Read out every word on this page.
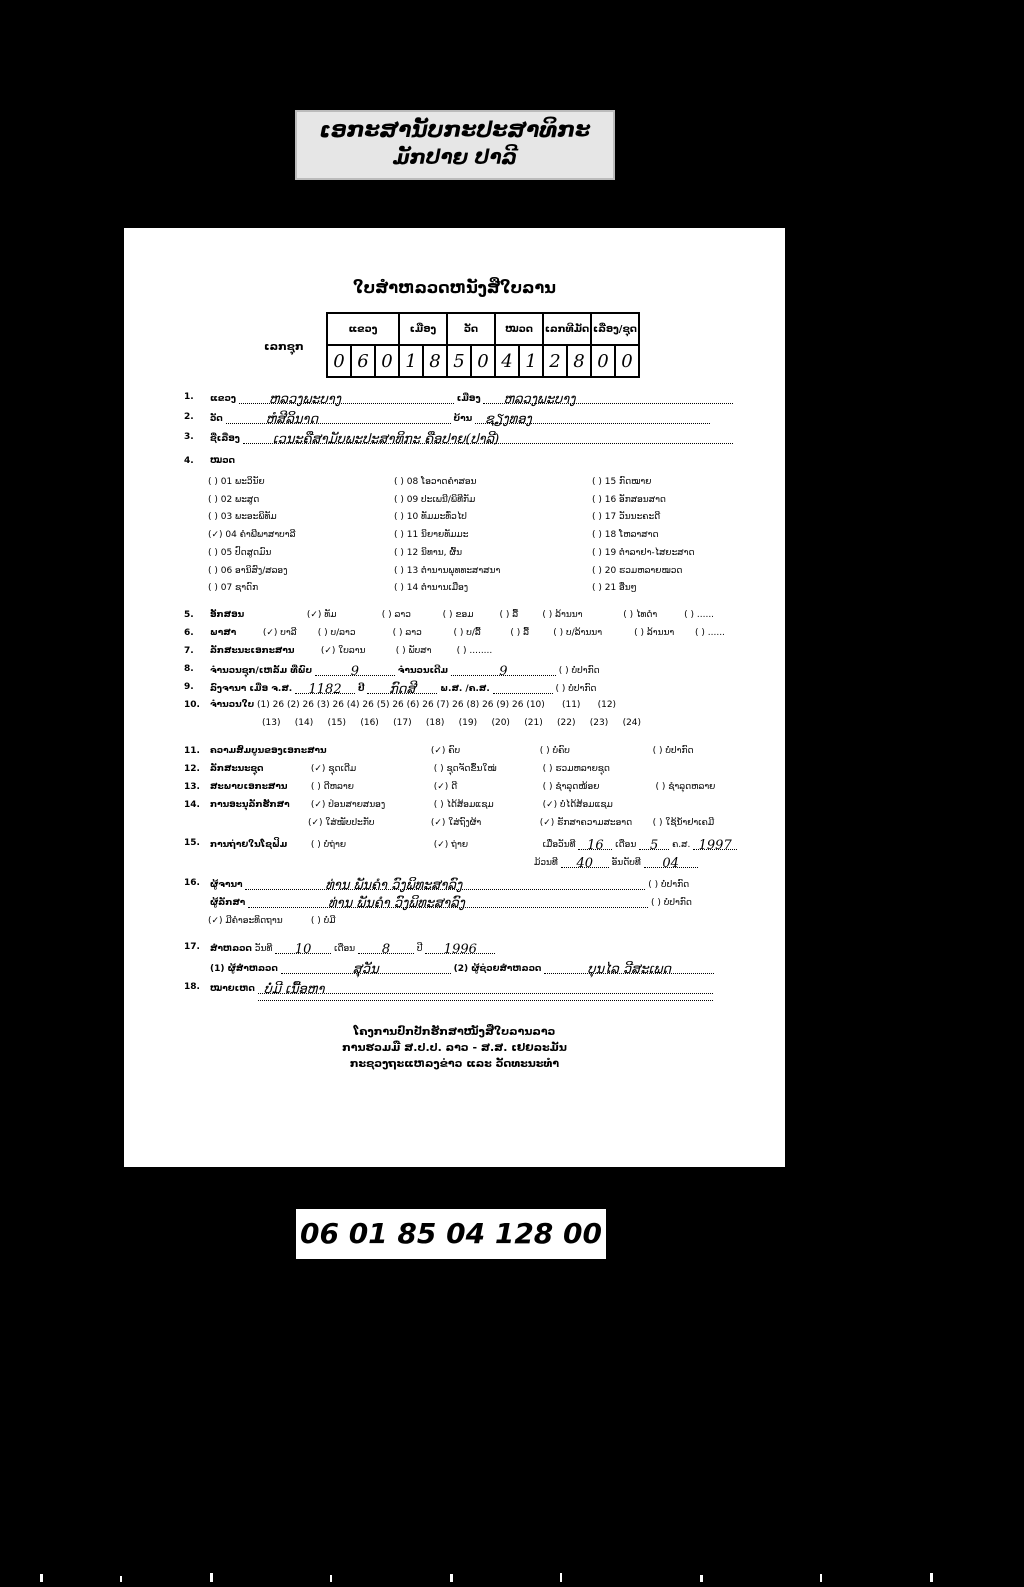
ເອກະສານັບກະປະສາທິກະ
ມັກປາຍ ປາລີ
ໃບສຳຫລວດຫນັງສືໃບລານ
ເລກຊຸກ
ແຂວງ			ເມືອງ		ວັດ		ໝວດ		ເລກທີມັດ		ເລື່ອງ/ຊຸດ	
0	6	0	1	8	5	0	4	1	2	8	0	0
1. ແຂວງ	ຫລວງພະບາງ	ເມືອງ ຫລວງພະບາງ
2. ວັດ	ຫໍສີລິນາດ	ບ້ານ ຊຽງທອງ
3. ຊື່ເລື່ອງ	ເວນະຄືສາມັບພະປະສາທິກະ ຄືອປາຍ(ປາລີ)
4. ໝວດ
( ) 01 ພະວິນັຍ
( ) 02 ພະສູດ
( ) 03 ພະອະພິທັມ
(✓) 04 ຄຳພີພາສາບາລີ
( ) 05 ປົດສູດມົນ
( ) 06 ອານິສົງ/ສລອງ
( ) 07 ຊາດົກ
( ) 08 ໂອວາດຄຳສອນ
( ) 09 ປະເພນີ/ພິທີກັມ
( ) 10 ທັມມະທົ່ວໄປ
( ) 11 ນິຍາຍທັມມະ
( ) 12 ນິທານ, ຜົ້ນ
( ) 13 ຕຳນານພຸທທະສາສນາ
( ) 14 ຕຳນານເມືອງ
( ) 15 ກົດໝາຍ
( ) 16 ອັກສອນສາດ
( ) 17 ວັນນະຄະດີ
( ) 18 ໂຫລາສາດ
( ) 19 ຕຳລາຢາ-ໄສຍະສາດ
( ) 20 ຮວມຫລາຍໝວດ
( ) 21 ອື່ນໆ
5. ອັກສອນ	(✓) ທັມ	( ) ລາວ	( ) ຂອມ	( ) ລື້	( ) ລ້ານນາ	( ) ໄທດຳ	( ) ......
6. ພາສາ	(✓) ບາລີ ( ) ບ/ລາວ	( ) ລາວ	( ) ບ/ລື້	( ) ລື້	( ) ບ/ລ້ານນາ	( ) ລ້ານນາ ( ) ......
7. ລັກສະນະເອກະສານ	(✓) ໃບລານ	( ) ພັບສາ	( ) ........
8. ຈຳນວນຊຸກ/ເຫລັ້ມ ທີ່ພົບ	9	ຈຳນວນເດີມ	9	( ) ບໍ່ປາກົດ
9. ລົງຈານາ ເມື່ອ ຈ.ສ. 1182 ປີ ກົດສີ	ພ.ສ. /ຄ.ສ.	( ) ບໍ່ປາກົດ
10. ຈຳນວນໃບ (1) 26 (2) 26 (3) 26 (4) 26 (5) 26 (6) 26 (7) 26 (8) 26 (9) 26 (10)      (11)      (12)
(13)     (14)     (15)     (16)     (17)     (18)     (19)     (20)     (21)     (22)     (23)     (24)
11. ຄວາມສົມບູນຂອງເອກະສານ	(✓) ຄົບ	( ) ບໍ່ຄົບ	( ) ບໍ່ປາກົດ
12. ລັກສະນະຊຸດ	(✓) ຊຸດເດີມ	( ) ຊຸດຈັດຂຶ້ນໃໝ່	( ) ຮວມຫລາຍຊຸດ
13. ສະພາບເອກະສານ	( ) ດີຫລາຍ	(✓) ດີ	( ) ຊຳລຸດໜ້ອຍ	( ) ຊຳລຸດຫລາຍ
14. ການອະນຸລັກຮັກສາ (✓) ປ່ອນສາຍສນອງ	( ) ໄດ້ສ້ອມແຊມ	(✓) ບໍ່ໄດ້ສ້ອມແຊມ
(✓) ໃສ່ໝັບປະກັບ	(✓) ໃສ່ຖົງຜ້າ	(✓) ຮັກສາຄວາມສະອາດ ( ) ໃຊ້ນ້ຳຢາເຄມີ
15. ການຖ່າຍໃນໂຊຟິມ	( ) ບໍ່ຖ່າຍ	(✓) ຖ່າຍ	ເມື່ອວັນທີ 16 ເດືອນ 5 ຄ.ສ. 1997
ມ້ວນທີ 40 ອັນດັບທີ 04
16. ຜູ້ຈານາ	ທ່ານ ພັນຄຳ ວົງພິທະສາລົງ	( ) ບໍ່ປາກົດ
ຜູ້ລັກສາ	ທ່ານ ພັນຄຳ ວົງພິທະສາລົງ	( ) ບໍ່ປາກົດ
(✓) ມີຄຳອະທິດຖານ	( ) ບໍ່ມີ
17. ສຳຫລວດ ວັນທີ 10	ເດືອນ 8	ປີ 1996
(1) ຜູ້ສຳຫລວດ	ສຸວັນ	(2) ຜູ້ຊ່ວຍສຳຫລວດ	ບຸນໄລ ວີສະເພດ
18. ໝາຍເຫດ ບໍ່ມີ ເນື້ອຫາ
ໂຄງການປົກປັກຮັກສາໜັງສືໃບລານລາວ
ການຮວມມື ສ.ປ.ປ. ລາວ - ສ.ສ. ເຢຍລະມັນ
ກະຊວງຖະແຫລງຂ່າວ ແລະ ວັດທະນະທຳ
06 01 85 04 128 00
